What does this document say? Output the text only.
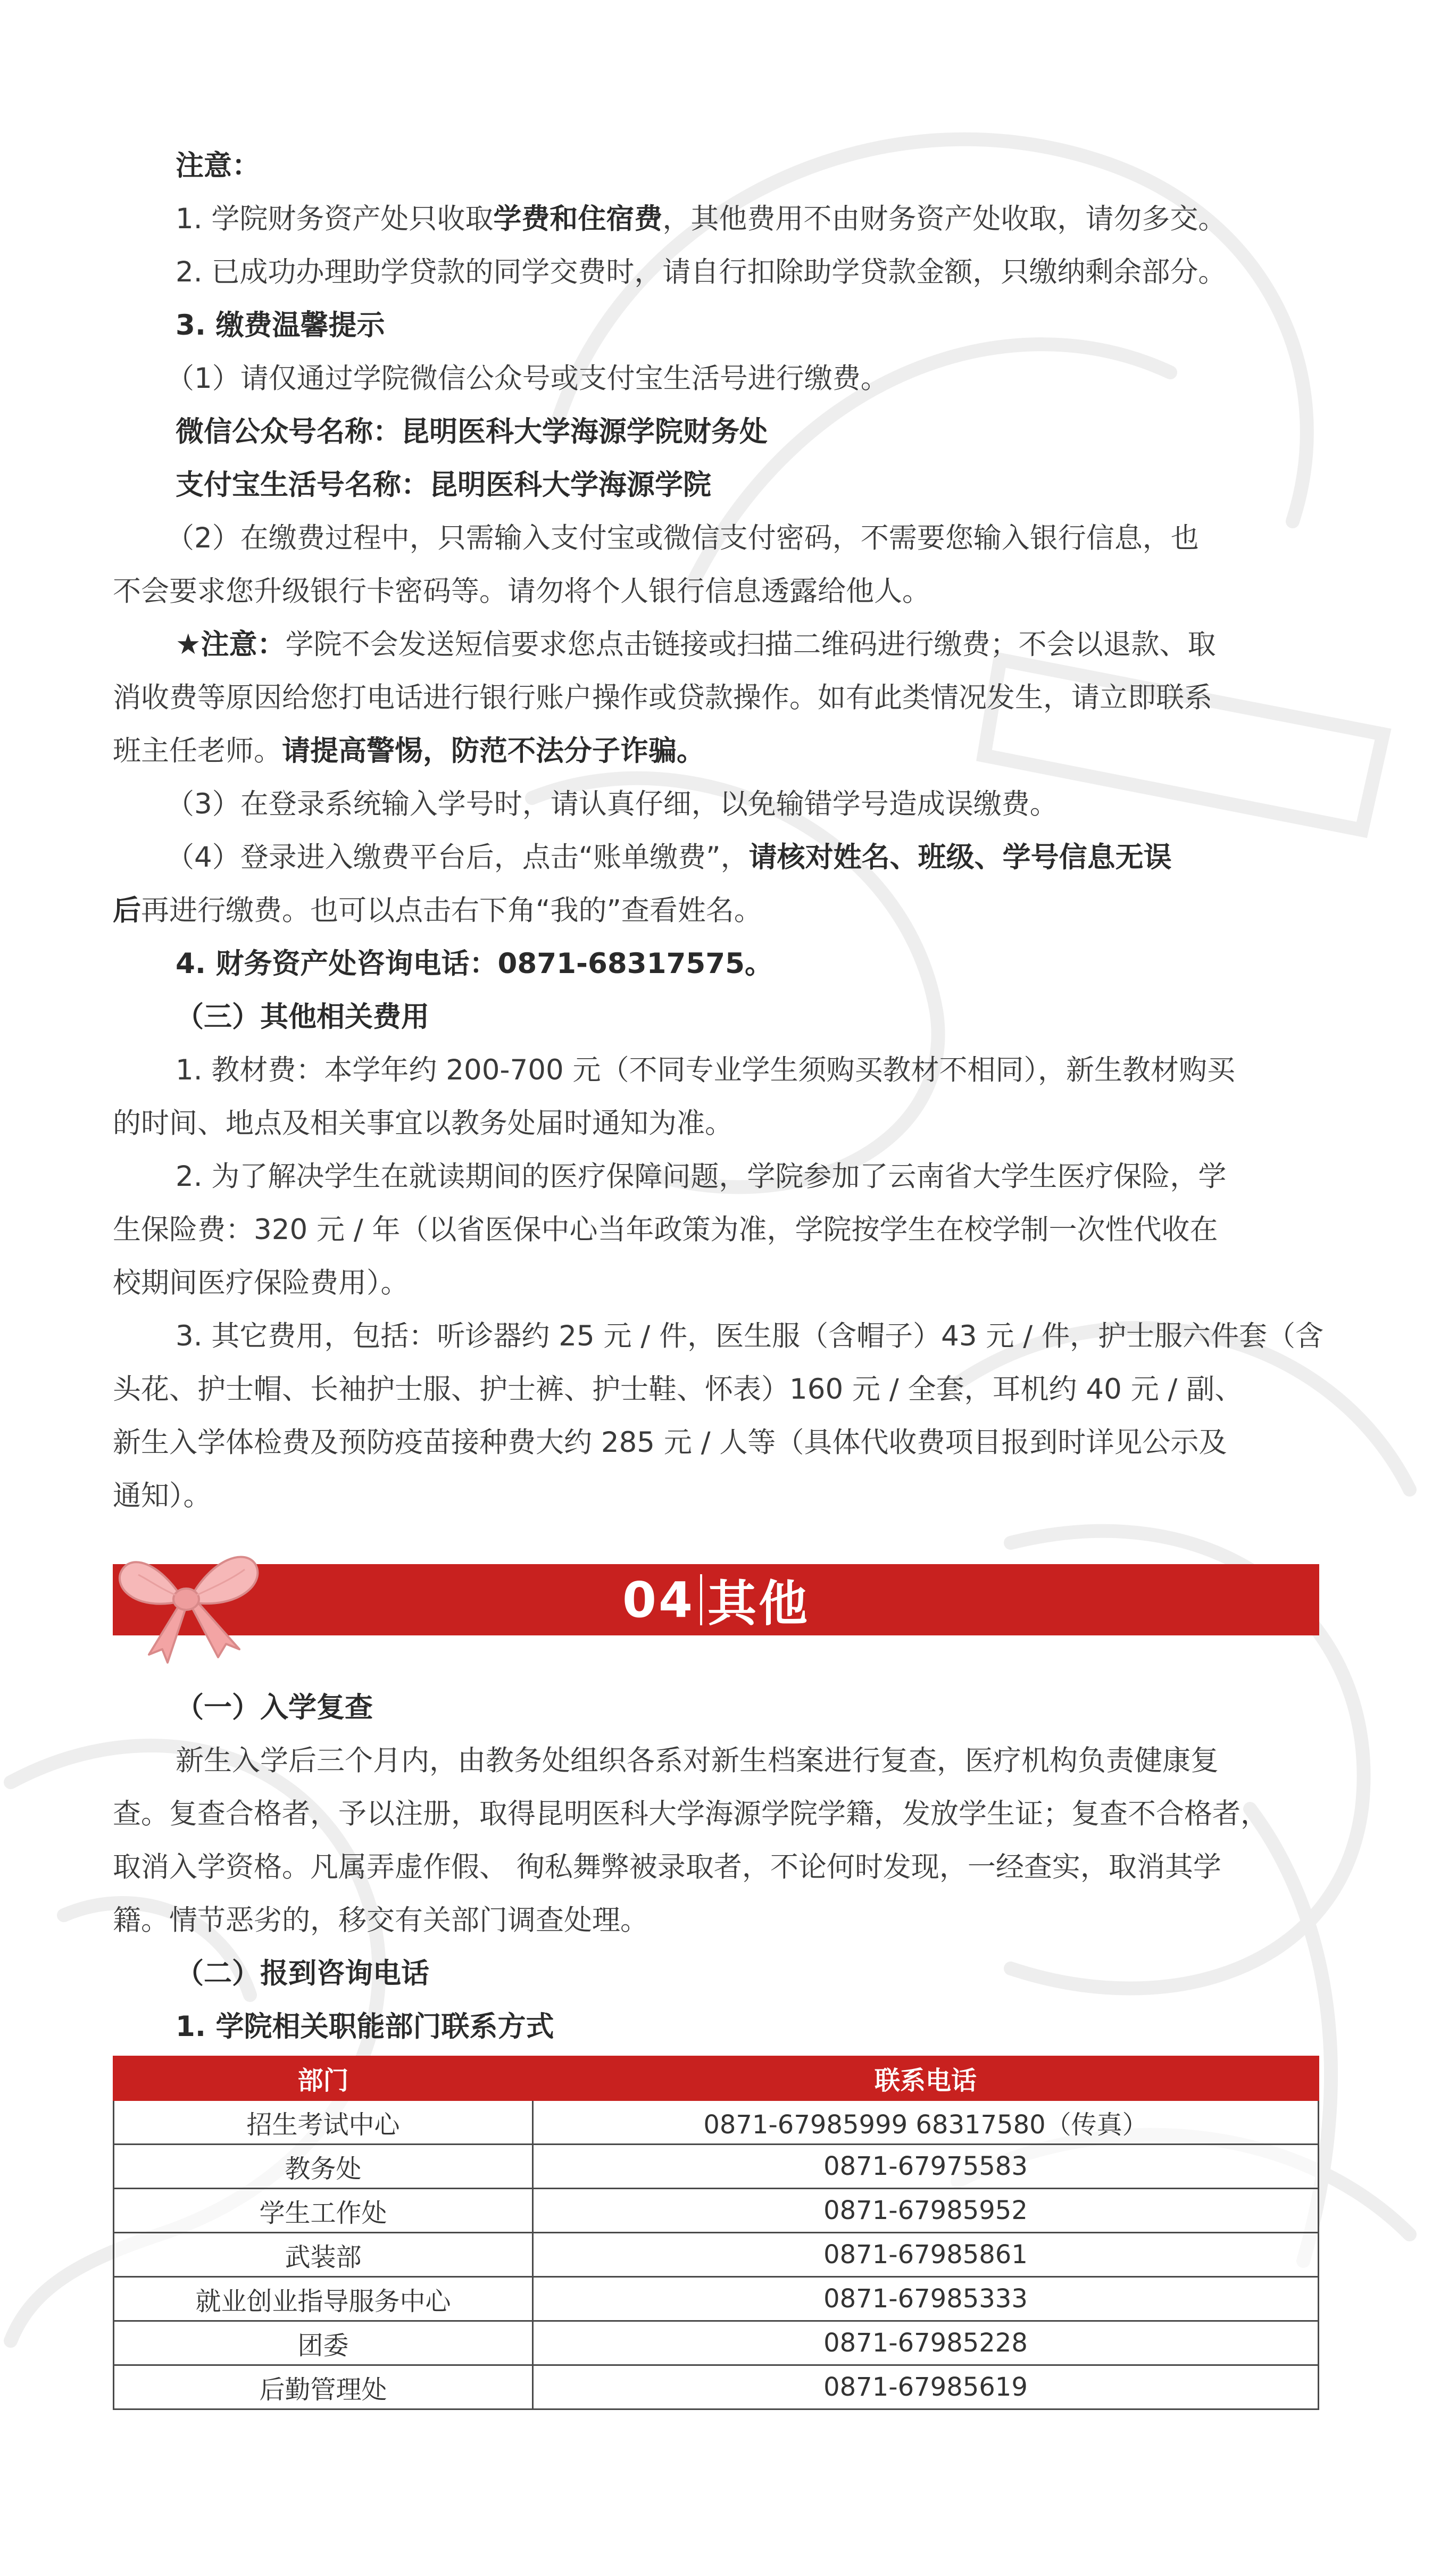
注意：
1. 学院财务资产处只收取学费和住宿费，其他费用不由财务资产处收取，请勿多交。
2. 已成功办理助学贷款的同学交费时，请自行扣除助学贷款金额，只缴纳剩余部分。
3. 缴费温馨提示
（1）请仅通过学院微信公众号或支付宝生活号进行缴费。
微信公众号名称：昆明医科大学海源学院财务处
支付宝生活号名称：昆明医科大学海源学院
（2）在缴费过程中，只需输入支付宝或微信支付密码，不需要您输入银行信息，也
不会要求您升级银行卡密码等。请勿将个人银行信息透露给他人。
★注意：学院不会发送短信要求您点击链接或扫描二维码进行缴费；不会以退款、取
消收费等原因给您打电话进行银行账户操作或贷款操作。如有此类情况发生，请立即联系
班主任老师。请提高警惕，防范不法分子诈骗。
（3）在登录系统输入学号时，请认真仔细，以免输错学号造成误缴费。
（4）登录进入缴费平台后，点击“账单缴费”，请核对姓名、班级、学号信息无误
后再进行缴费。也可以点击右下角“我的”查看姓名。
4. 财务资产处咨询电话：0871-68317575。
（三）其他相关费用
1. 教材费：本学年约 200-700 元（不同专业学生须购买教材不相同），新生教材购买
的时间、地点及相关事宜以教务处届时通知为准。
2. 为了解决学生在就读期间的医疗保障问题，学院参加了云南省大学生医疗保险，学
生保险费：320 元 / 年（以省医保中心当年政策为准，学院按学生在校学制一次性代收在
校期间医疗保险费用）。
3. 其它费用，包括：听诊器约 25 元 / 件，医生服（含帽子）43 元 / 件，护士服六件套（含
头花、护士帽、长袖护士服、护士裤、护士鞋、怀表）160 元 / 全套，耳机约 40 元 / 副、
新生入学体检费及预防疫苗接种费大约 285 元 / 人等（具体代收费项目报到时详见公示及
通知）。
（一）入学复查
新生入学后三个月内，由教务处组织各系对新生档案进行复查，医疗机构负责健康复
查。复查合格者，予以注册，取得昆明医科大学海源学院学籍，发放学生证；复查不合格者，
取消入学资格。凡属弄虚作假、 徇私舞弊被录取者，不论何时发现，一经查实，取消其学
籍。情节恶劣的，移交有关部门调查处理。
（二）报到咨询电话
1. 学院相关职能部门联系方式
04 其他
部门	联系电话
招生考试中心	0871-67985999 68317580（传真）
教务处	0871-67975583
学生工作处	0871-67985952
武装部	0871-67985861
就业创业指导服务中心	0871-67985333
团委	0871-67985228
后勤管理处	0871-67985619
